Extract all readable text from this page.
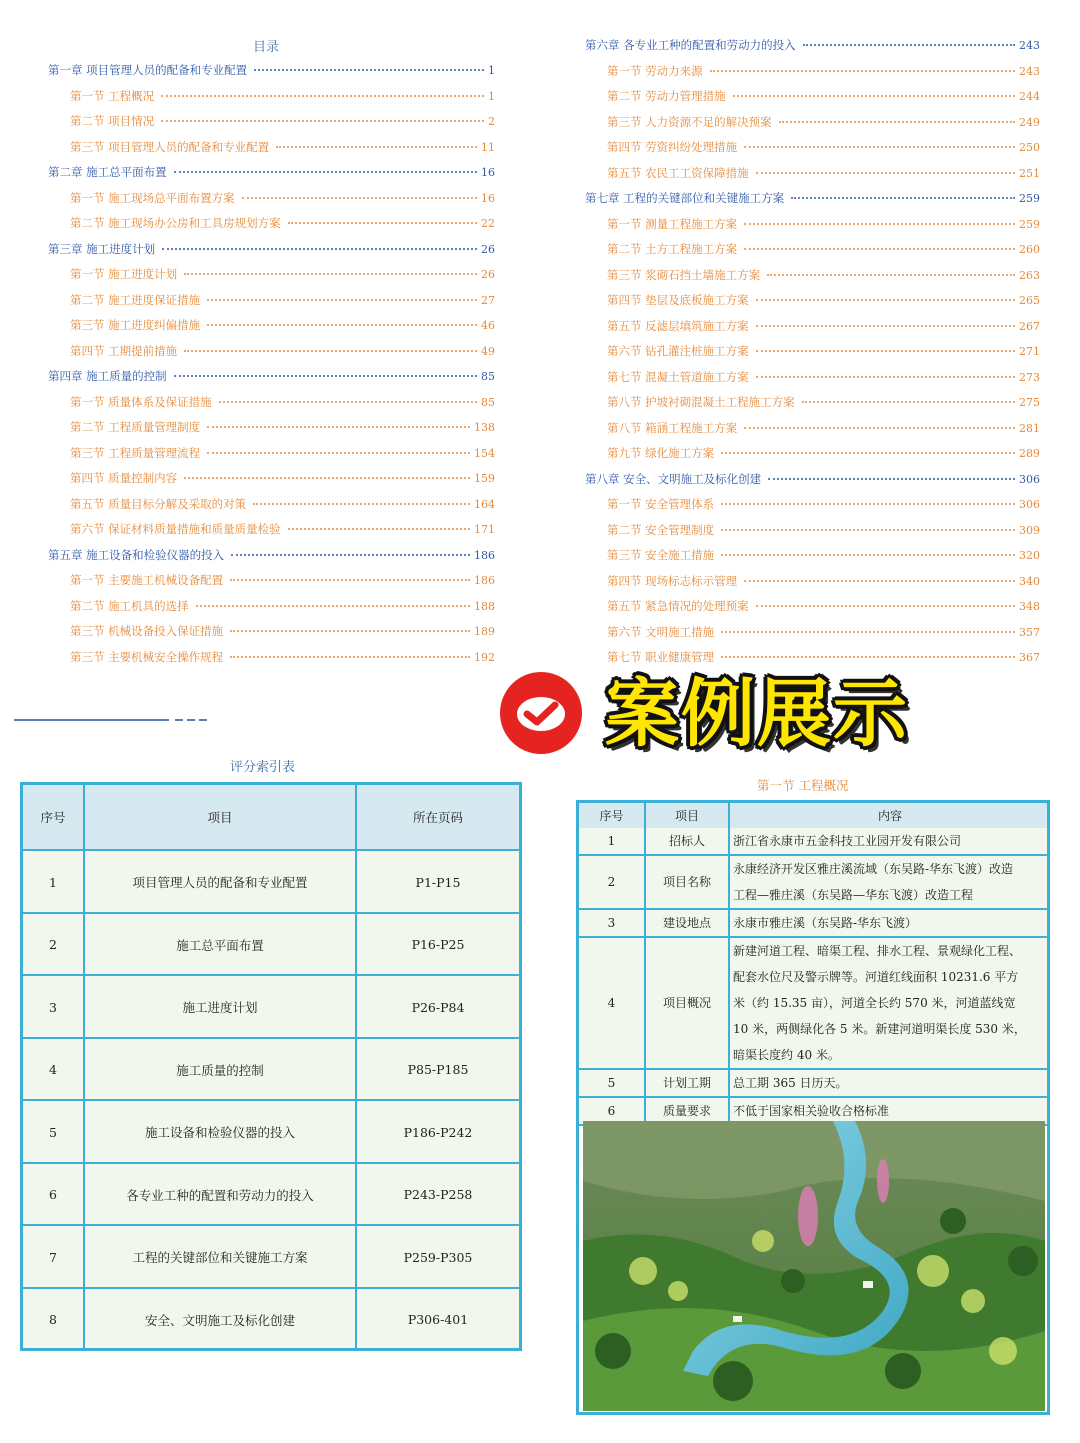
目录
第一章 项目管理人员的配备和专业配置	1
第一节 工程概况	1
第二节 项目情况	2
第三节 项目管理人员的配备和专业配置	11
第二章 施工总平面布置	16
第一节 施工现场总平面布置方案	16
第二节 施工现场办公房和工具房规划方案	22
第三章 施工进度计划	26
第一节 施工进度计划	26
第二节 施工进度保证措施	27
第三节 施工进度纠偏措施	46
第四节 工期提前措施	49
第四章 施工质量的控制	85
第一节 质量体系及保证措施	85
第二节 工程质量管理制度	138
第三节 工程质量管理流程	154
第四节 质量控制内容	159
第五节 质量目标分解及采取的对策	164
第六节 保证材料质量措施和质量质量检验	171
第五章 施工设备和检验仪器的投入	186
第一节 主要施工机械设备配置	186
第二节 施工机具的选择	188
第三节 机械设备投入保证措施	189
第三节 主要机械安全操作规程	192
第六章 各专业工种的配置和劳动力的投入	243
第一节 劳动力来源	243
第二节 劳动力管理措施	244
第三节 人力资源不足的解决预案	249
第四节 劳资纠纷处理措施	250
第五节 农民工工资保障措施	251
第七章 工程的关键部位和关键施工方案	259
第一节 测量工程施工方案	259
第二节 土方工程施工方案	260
第三节 浆砌石挡土墙施工方案	263
第四节 垫层及底板施工方案	265
第五节 反滤层填筑施工方案	267
第六节 钻孔灌注桩施工方案	271
第七节 混凝土管道施工方案	273
第八节 护坡衬砌混凝土工程施工方案	275
第八节 箱涵工程施工方案	281
第九节 绿化施工方案	289
第八章 安全、文明施工及标化创建	306
第一节 安全管理体系	306
第二节 安全管理制度	309
第三节 安全施工措施	320
第四节 现场标志标示管理	340
第五节 紧急情况的处理预案	348
第六节 文明施工措施	357
第七节 职业健康管理	367
案例展示
评分索引表
序号	项目	所在页码
1	项目管理人员的配备和专业配置	P1-P15
2	施工总平面布置	P16-P25
3	施工进度计划	P26-P84
4	施工质量的控制	P85-P185
5	施工设备和检验仪器的投入	P186-P242
6	各专业工种的配置和劳动力的投入	P243-P258
7	工程的关键部位和关键施工方案	P259-P305
8	安全、文明施工及标化创建	P306-401
第一节 工程概况
序号	项目	内容
1	招标人	浙江省永康市五金科技工业园开发有限公司
2	项目名称
永康经济开发区雅庄溪流域（东吴路-华东飞渡）改造
工程—雅庄溪（东吴路—华东飞渡）改造工程
3	建设地点	永康市雅庄溪（东吴路-华东飞渡）
4	项目概况
新建河道工程、暗渠工程、排水工程、景观绿化工程、
配套水位尺及警示牌等。河道红线面积 10231.6 平方
米（约 15.35 亩），河道全长约 570 米，河道蓝线宽
10 米，两侧绿化各 5 米。新建河道明渠长度 530 米，
暗渠长度约 40 米。
5	计划工期	总工期 365 日历天。
6	质量要求	不低于国家相关验收合格标准
